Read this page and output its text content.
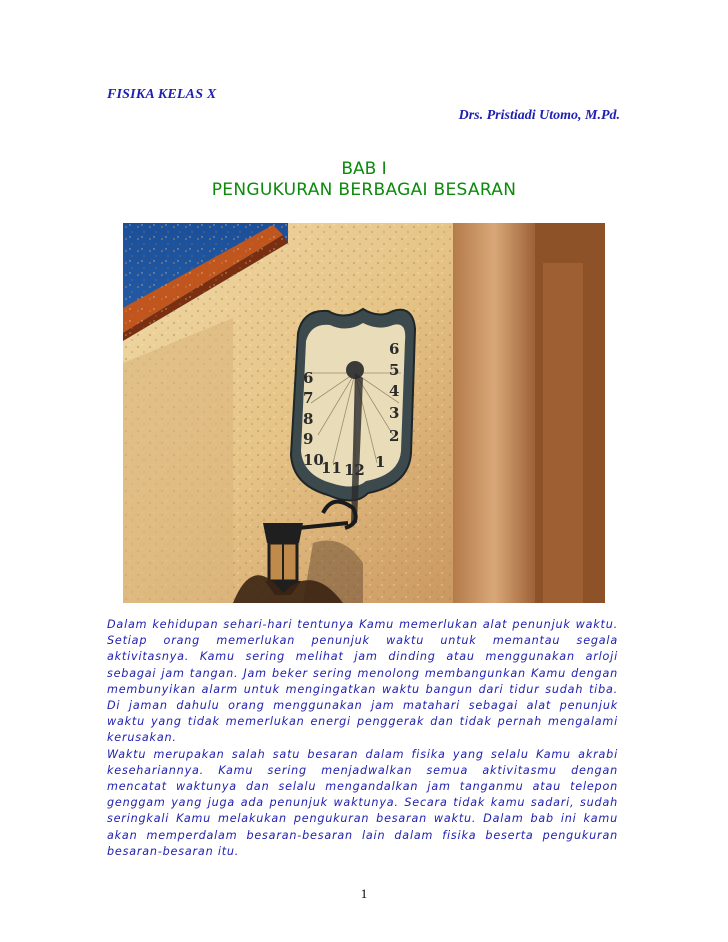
FISIKA KELAS X
Drs. Pristiadi Utomo, M.Pd.
BAB I
PENGUKURAN BERBAGAI BESARAN
6
7
8
9
10
11 12 1
2
3
4
5
6

Dalam kehidupan sehari-hari tentunya Kamu memerlukan alat penunjuk waktu. Setiap orang memerlukan penunjuk waktu untuk memantau segala aktivitasnya. Kamu sering melihat jam dinding atau menggunakan arloji sebagai jam tangan. Jam beker sering menolong membangunkan Kamu dengan membunyikan alarm untuk mengingatkan waktu bangun dari tidur sudah tiba. Di jaman dahulu orang menggunakan jam matahari sebagai alat penunjuk waktu yang tidak memerlukan energi penggerak dan tidak pernah mengalami kerusakan.

Waktu merupakan salah satu besaran dalam fisika yang selalu Kamu akrabi kesehariannya. Kamu sering menjadwalkan semua aktivitasmu dengan mencatat waktunya dan selalu mengandalkan jam tanganmu atau telepon genggam yang juga ada penunjuk waktunya. Secara tidak kamu sadari, sudah seringkali Kamu melakukan pengukuran besaran waktu. Dalam bab ini kamu akan memperdalam besaran-besaran lain dalam fisika beserta pengukuran besaran-besaran itu.

1
